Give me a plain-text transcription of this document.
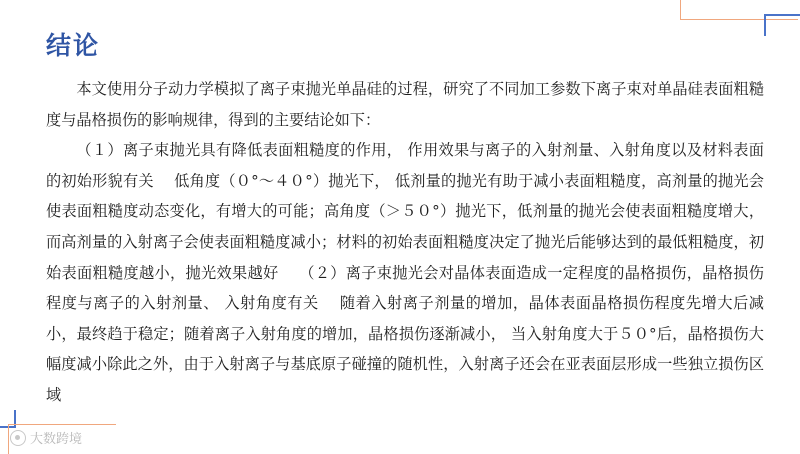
结论

本文使用分子动力学模拟了离子束抛光单晶硅的过程，研究了不同加工参数下离子束对单晶硅表面粗糙度与晶格损伤的影响规律，得到的主要结论如下：

（１）离子束抛光具有降低表面粗糙度的作用， 作用效果与离子的入射剂量、入射角度以及材料表面的初始形貌有关　 低角度（０°～４０°）抛光下， 低剂量的抛光有助于减小表面粗糙度，高剂量的抛光会使表面粗糙度动态变化，有增大的可能；高角度（＞５０°）抛光下，低剂量的抛光会使表面粗糙度增大，而高剂量的入射离子会使表面粗糙度减小；材料的初始表面粗糙度决定了抛光后能够达到的最低粗糙度，初始表面粗糙度越小，抛光效果越好　 （２）离子束抛光会对晶体表面造成一定程度的晶格损伤，晶格损伤程度与离子的入射剂量、 入射角度有关　 随着入射离子剂量的增加，晶体表面晶格损伤程度先增大后减小，最终趋于稳定；随着离子入射角度的增加，晶格损伤逐渐减小， 当入射角度大于５０°后，晶格损伤大幅度减小除此之外，由于入射离子与基底原子碰撞的随机性，入射离子还会在亚表面层形成一些独立损伤区域

大数跨境
